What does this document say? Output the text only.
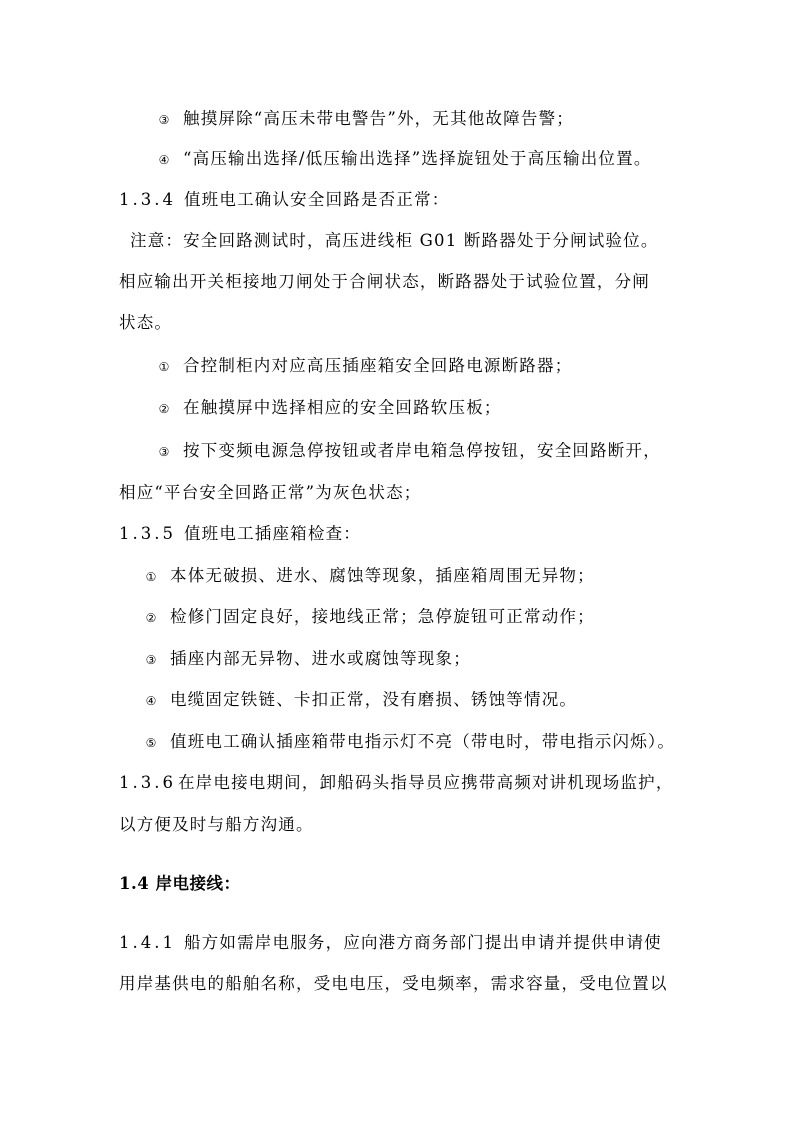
③ 触摸屏除“高压未带电警告”外，无其他故障告警；
④ “高压输出选择/低压输出选择”选择旋钮处于高压输出位置。
1.3.4 值班电工确认安全回路是否正常：
注意：安全回路测试时，高压进线柜 G01 断路器处于分闸试验位。
相应输出开关柜接地刀闸处于合闸状态，断路器处于试验位置，分闸
状态。
① 合控制柜内对应高压插座箱安全回路电源断路器；
② 在触摸屏中选择相应的安全回路软压板；
③ 按下变频电源急停按钮或者岸电箱急停按钮，安全回路断开，
相应“平台安全回路正常”为灰色状态；
1.3.5 值班电工插座箱检查：
① 本体无破损、进水、腐蚀等现象，插座箱周围无异物；
② 检修门固定良好，接地线正常；急停旋钮可正常动作；
③ 插座内部无异物、进水或腐蚀等现象；
④ 电缆固定铁链、卡扣正常，没有磨损、锈蚀等情况。
⑤ 值班电工确认插座箱带电指示灯不亮（带电时，带电指示闪烁）。
1.3.6 在岸电接电期间，卸船码头指导员应携带高频对讲机现场监护，
以方便及时与船方沟通。
1.4 岸电接线：
1.4.1 船方如需岸电服务，应向港方商务部门提出申请并提供申请使
用岸基供电的船舶名称，受电电压，受电频率，需求容量，受电位置以
